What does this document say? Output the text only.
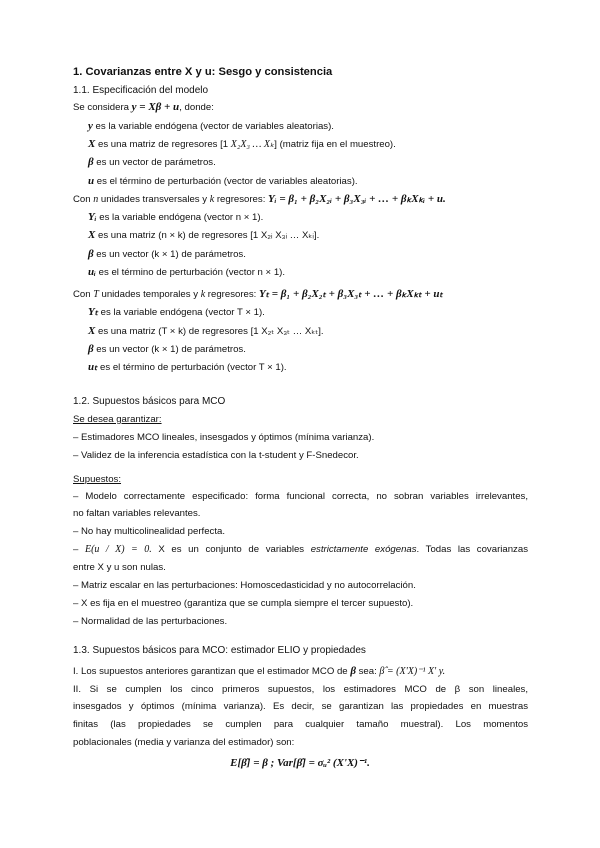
1. Covarianzas entre X y u: Sesgo y consistencia
1.1. Especificación del modelo
Se considera y = Xβ + u, donde:
y es la variable endógena (vector de variables aleatorias).
X es una matriz de regresores [1 X₂X₃ … Xₖ] (matriz fija en el muestreo).
β es un vector de parámetros.
u es el término de perturbación (vector de variables aleatorias).
Con n unidades transversales y k regresores: Yᵢ = β₁ + β₂X₂ᵢ + β₃X₃ᵢ + … + βₖXₖᵢ + u.
Yᵢ es la variable endógena (vector n × 1).
X es una matriz (n × k) de regresores [1 X₂ᵢ X₃ᵢ … Xₖᵢ].
β es un vector (k × 1) de parámetros.
uᵢ es el término de perturbación (vector n × 1).
Con T unidades temporales y k regresores: Yₜ = β₁ + β₂X₂ₜ + β₃X₃ₜ + … + βₖXₖₜ + uₜ
Yₜ es la variable endógena (vector T × 1).
X es una matriz (T × k) de regresores [1 X₂ₜ X₃ₜ … Xₖₜ].
β es un vector (k × 1) de parámetros.
uₜ es el término de perturbación (vector T × 1).
1.2. Supuestos básicos para MCO
Se desea garantizar:
– Estimadores MCO lineales, insesgados y óptimos (mínima varianza).
– Validez de la inferencia estadística con la t-student y F-Snedecor.
Supuestos:
– Modelo correctamente especificado: forma funcional correcta, no sobran variables irrelevantes,
no faltan variables relevantes.
– No hay multicolinealidad perfecta.
– E(u / X) = 0. X es un conjunto de variables estrictamente exógenas. Todas las covarianzas
entre X y u son nulas.
– Matriz escalar en las perturbaciones: Homoscedasticidad y no autocorrelación.
– X es fija en el muestreo (garantiza que se cumpla siempre el tercer supuesto).
– Normalidad de las perturbaciones.
1.3. Supuestos básicos para MCO: estimador ELIO y propiedades
I. Los supuestos anteriores garantizan que el estimador MCO de β sea: β̂ = (X'X)⁻¹ X' y.
II. Si se cumplen los cinco primeros supuestos, los estimadores MCO de β son lineales,
insesgados y óptimos (mínima varianza). Es decir, se garantizan las propiedades en muestras
finitas (las propiedades se cumplen para cualquier tamaño muestral). Los momentos
poblacionales (media y varianza del estimador) son:
E[β̂] = β ; Var[β̂] = σᵤ² (X'X)⁻¹.
